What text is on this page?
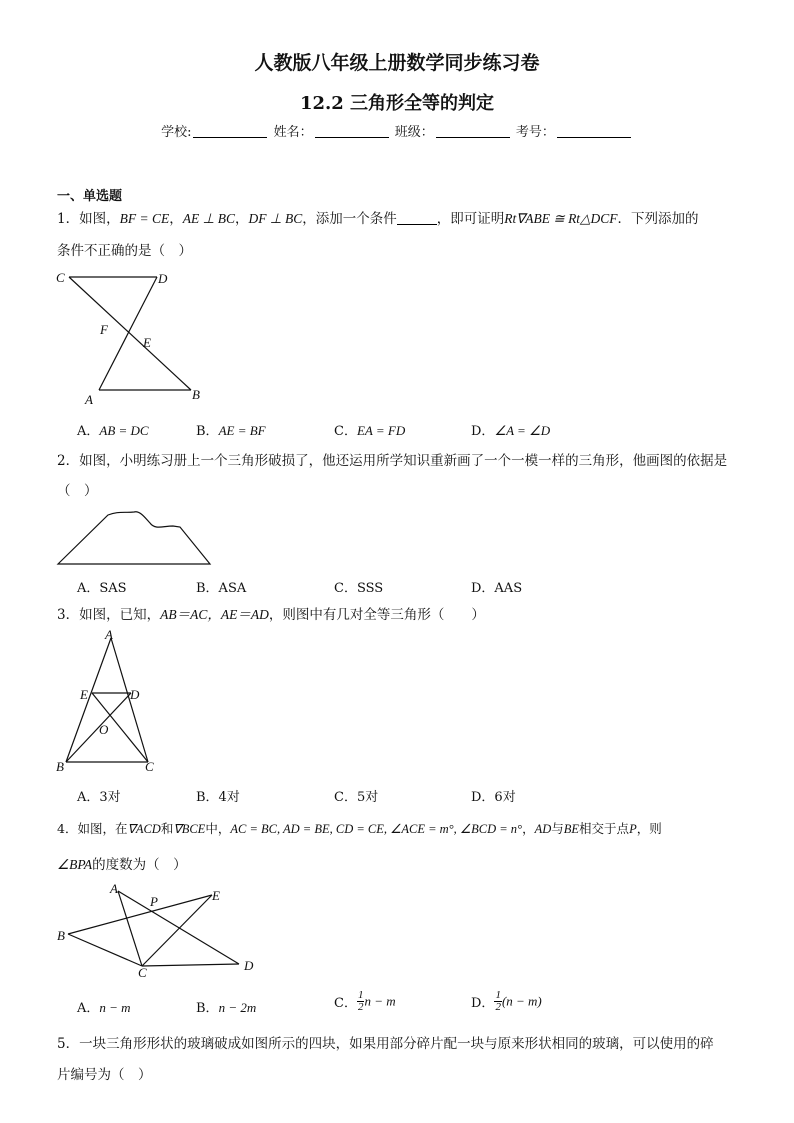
人教版八年级上册数学同步练习卷
12.2 三角形全等的判定
学校:	姓名：	班级：	考号：
一、单选题
1．如图，BF = CE，AE ⊥ BC，DF ⊥ BC，添加一个条件	，即可证明Rt∇ABE ≅ Rt△DCF．下列添加的
条件不正确的是（　）
C	D
F
E
A	B
A．AB = DC	B．AE = BF	C．EA = FD	D．∠A = ∠D
2．如图，小明练习册上一个三角形破损了，他还运用所学知识重新画了一个一模一样的三角形，他画图的依据是
（　）
A．SAS	B．ASA	C．SSS	D．AAS
3．如图，已知，AB＝AC，AE＝AD，则图中有几对全等三角形（　　）
A
E	D
O
B	C
A．3对	B．4对	C．5对	D．6对
4．如图，在∇ACD和∇BCE中，AC = BC, AD = BE, CD = CE, ∠ACE = m°, ∠BCD = n°，AD与BE相交于点P，则
∠BPA的度数为（　）
A
P	E
B
C	D
A．n − m	B．n − 2m	C． $\frac{1}{2}$ n − m	D． $\frac{1}{2} (n - m)$
5．一块三角形形状的玻璃破成如图所示的四块，如果用部分碎片配一块与原来形状相同的玻璃，可以使用的碎
片编号为（　）
